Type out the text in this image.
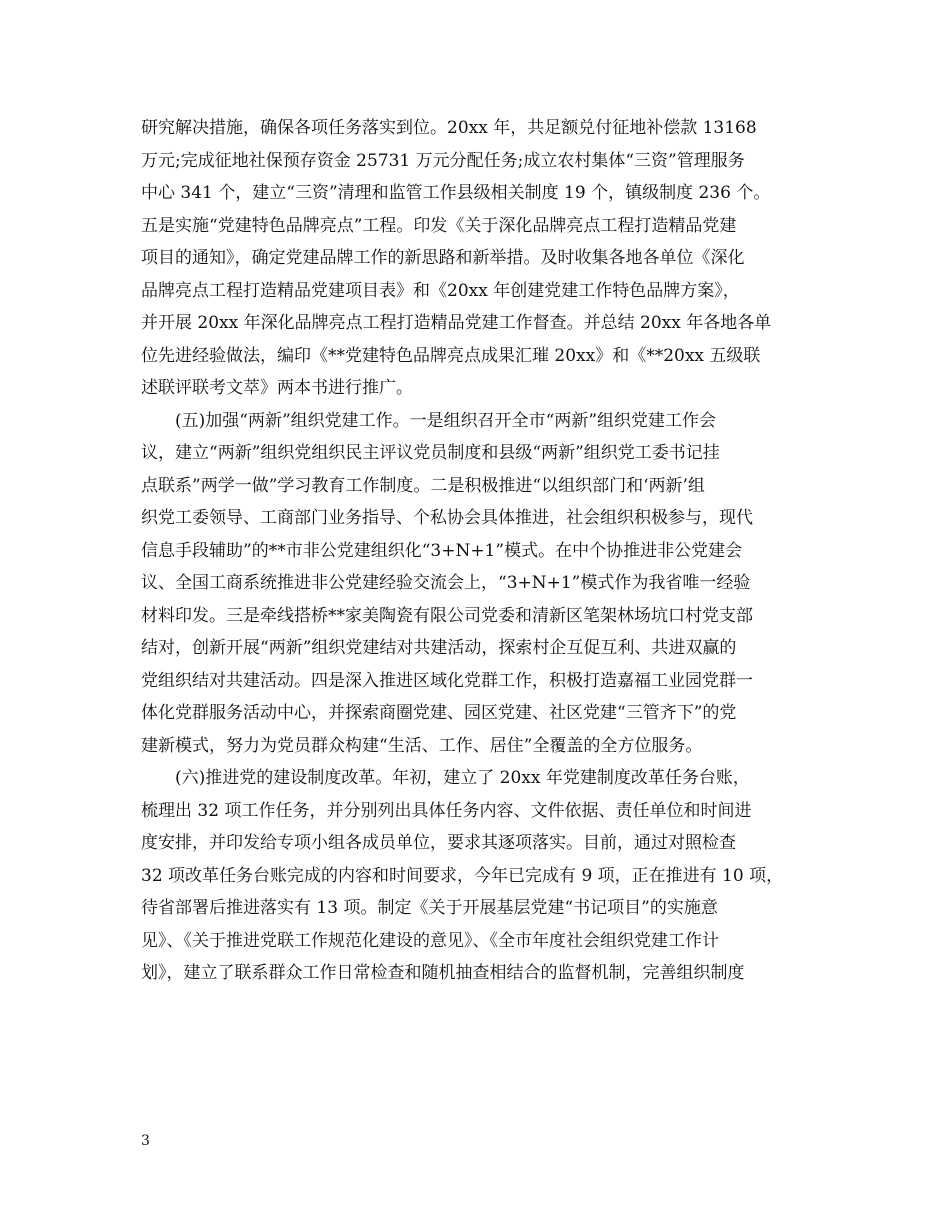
研究解决措施，确保各项任务落实到位。20xx 年，共足额兑付征地补偿款 13168
万元;完成征地社保预存资金 25731 万元分配任务;成立农村集体“三资”管理服务
中心 341 个，建立“三资”清理和监管工作县级相关制度 19 个，镇级制度 236 个。
五是实施“党建特色品牌亮点”工程。印发《关于深化品牌亮点工程打造精品党建
项目的通知》，确定党建品牌工作的新思路和新举措。及时收集各地各单位《深化
品牌亮点工程打造精品党建项目表》和《20xx 年创建党建工作特色品牌方案》，
并开展 20xx 年深化品牌亮点工程打造精品党建工作督查。并总结 20xx 年各地各单
位先进经验做法，编印《**党建特色品牌亮点成果汇璀 20xx》和《**20xx 五级联
述联评联考文萃》两本书进行推广。
(五)加强“两新”组织党建工作。一是组织召开全市“两新”组织党建工作会
议，建立“两新”组织党组织民主评议党员制度和县级“两新”组织党工委书记挂
点联系”两学一做”学习教育工作制度。二是积极推进“以组织部门和‘两新’组
织党工委领导、工商部门业务指导、个私协会具体推进，社会组织积极参与，现代
信息手段辅助”的**市非公党建组织化“3+N+1”模式。在中个协推进非公党建会
议、全国工商系统推进非公党建经验交流会上，“3+N+1”模式作为我省唯一经验
材料印发。三是牵线搭桥**家美陶瓷有限公司党委和清新区笔架林场坑口村党支部
结对，创新开展“两新”组织党建结对共建活动，探索村企互促互利、共进双赢的
党组织结对共建活动。四是深入推进区域化党群工作，积极打造嘉福工业园党群一
体化党群服务活动中心，并探索商圈党建、园区党建、社区党建“三管齐下”的党
建新模式，努力为党员群众构建“生活、工作、居住”全覆盖的全方位服务。
(六)推进党的建设制度改革。年初，建立了 20xx 年党建制度改革任务台账，
梳理出 32 项工作任务，并分别列出具体任务内容、文件依据、责任单位和时间进
度安排，并印发给专项小组各成员单位，要求其逐项落实。目前，通过对照检查
32 项改革任务台账完成的内容和时间要求，今年已完成有 9 项，正在推进有 10 项，
待省部署后推进落实有 13 项。制定《关于开展基层党建“书记项目”的实施意
见》、《关于推进党联工作规范化建设的意见》、《全市年度社会组织党建工作计
划》，建立了联系群众工作日常检查和随机抽查相结合的监督机制，完善组织制度
3
